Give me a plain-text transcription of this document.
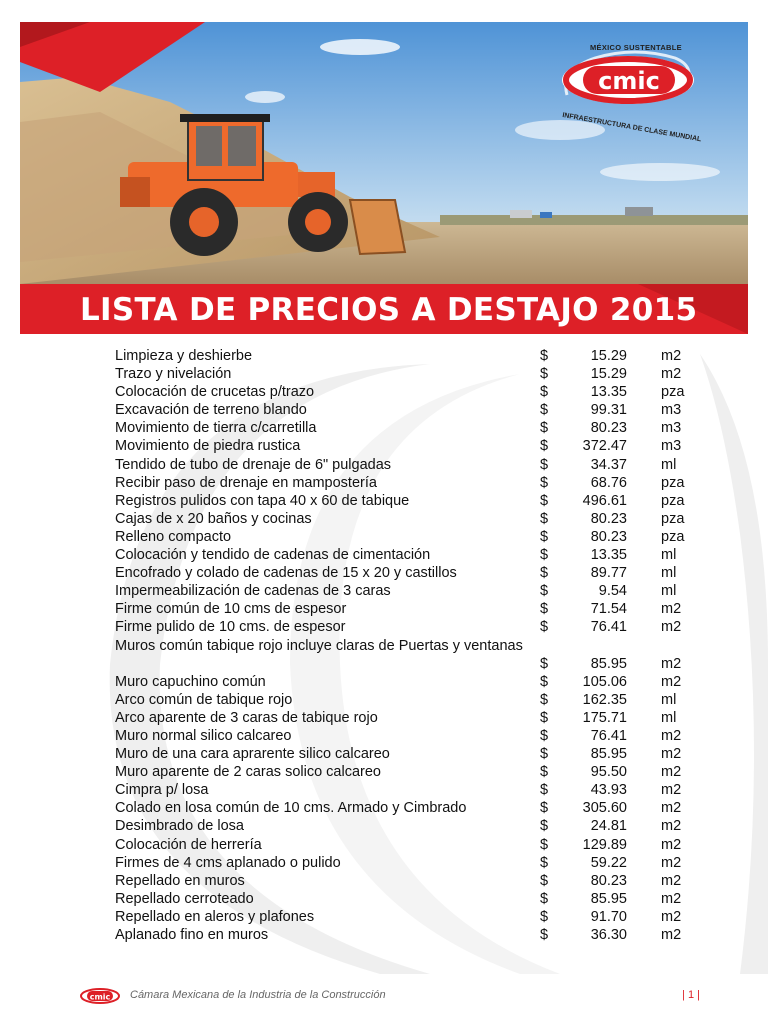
cmic
MÉXICO SUSTENTABLE
INFRAESTRUCTURA DE CLASE MUNDIAL
LISTA DE PRECIOS A DESTAJO 2015
Limpieza y deshierbe	$	15.29 m2
Trazo y nivelación	$	15.29 m2
Colocación de crucetas p/trazo	$	13.35 pza
Excavación de terreno blando	$	99.31 m3
Movimiento de tierra c/carretilla	$	80.23 m3
Movimiento de piedra rustica	$	372.47 m3
Tendido de tubo de drenaje de 6" pulgadas	$	34.37 ml
Recibir paso de drenaje en mampostería	$	68.76 pza
Registros pulidos con tapa 40 x 60 de tabique	$	496.61 pza
Cajas de x 20 baños y cocinas	$	80.23 pza
Relleno compacto	$	80.23 pza
Colocación y tendido de cadenas de cimentación	$	13.35 ml
Encofrado y colado de cadenas de 15 x 20 y castillos	$	89.77 ml
Impermeabilización de cadenas de 3 caras	$	9.54 ml
Firme común de 10 cms de espesor	$	71.54 m2
Firme pulido de 10 cms. de espesor	$	76.41 m2
Muros común tabique rojo incluye claras de Puertas y ventanas
$	85.95 m2
Muro capuchino común	$	105.06 m2
Arco común de tabique rojo	$	162.35 ml
Arco aparente de 3 caras de tabique rojo	$	175.71 ml
Muro normal silico calcareo	$	76.41 m2
Muro de una cara aprarente silico calcareo	$	85.95 m2
Muro aparente de 2 caras solico calcareo	$	95.50 m2
Cimpra p/ losa	$	43.93 m2
Colado en losa común de 10 cms. Armado y Cimbrado	$	305.60 m2
Desimbrado de losa	$	24.81 m2
Colocación de herrería	$	129.89 m2
Firmes de 4 cms aplanado o pulido	$	59.22 m2
Repellado en muros	$	80.23 m2
Repellado cerroteado	$	85.95 m2
Repellado en aleros y plafones	$	91.70 m2
Aplanado fino en muros	$	36.30 m2
cmic Cámara Mexicana de la Industria de la Construcción	| 1 |
